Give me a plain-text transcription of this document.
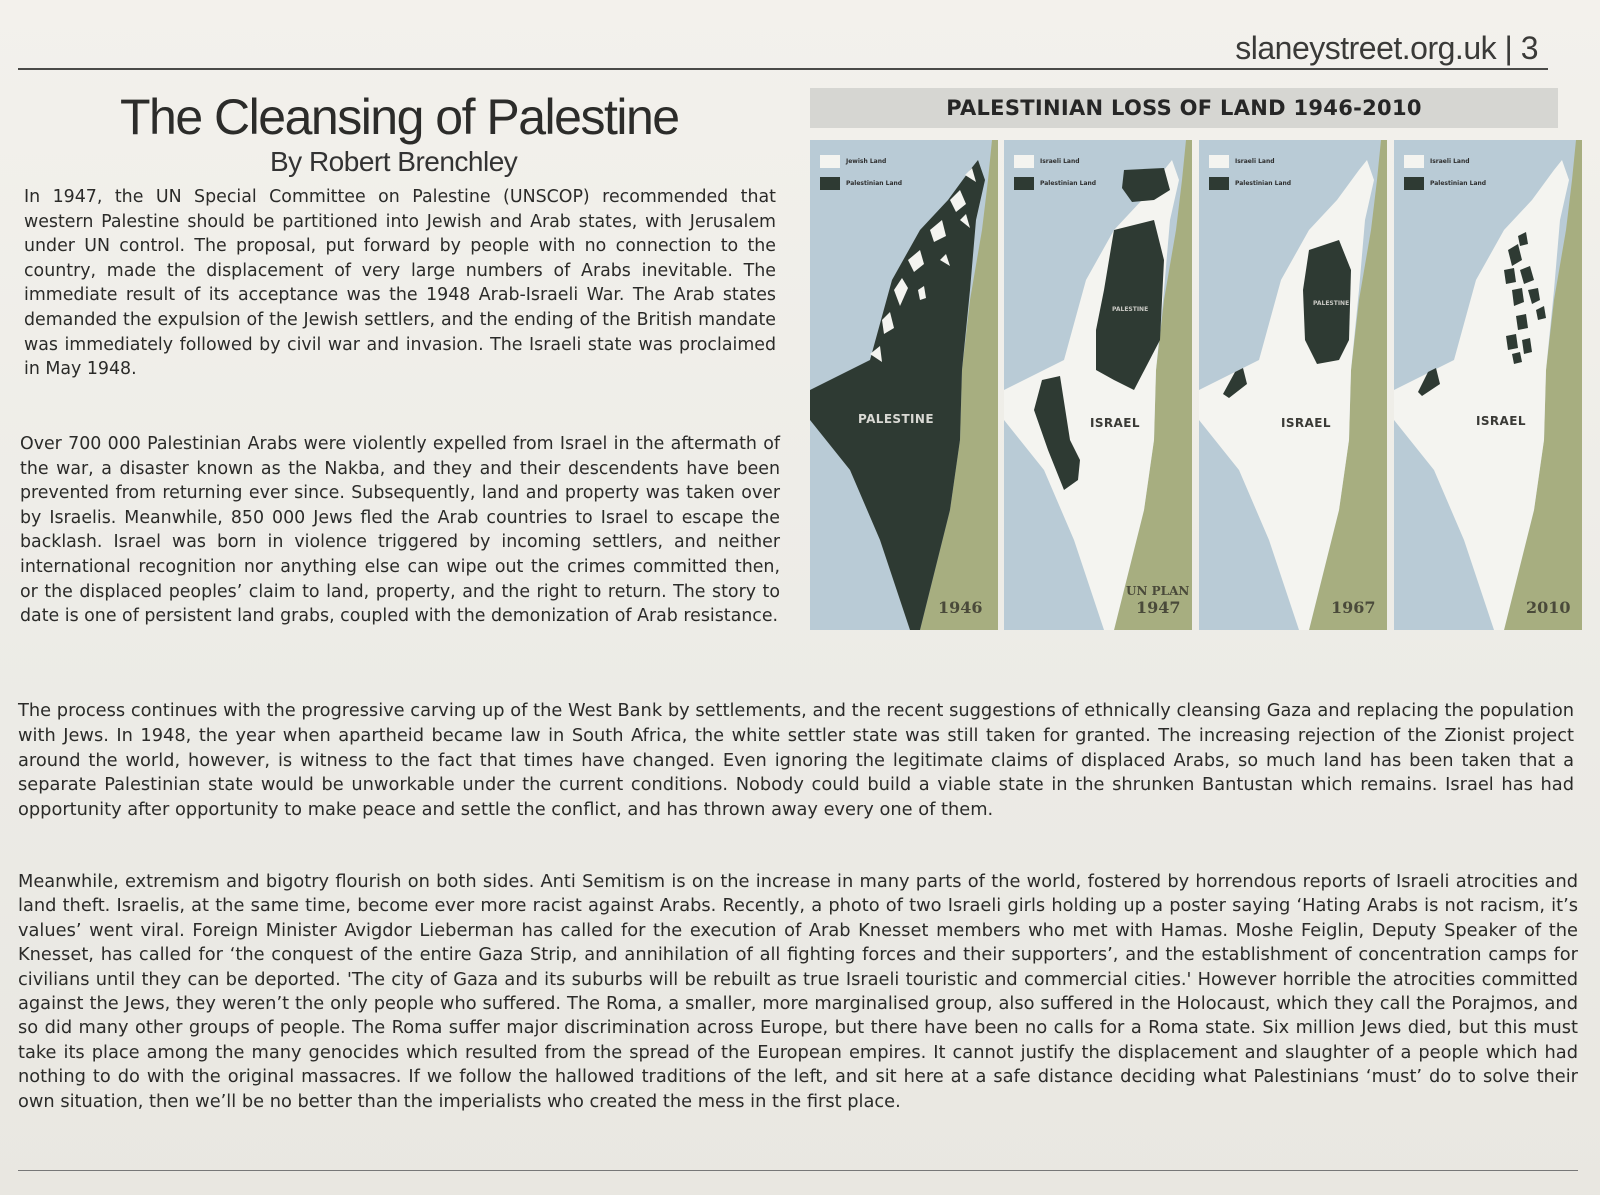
slaneystreet.org.uk | 3
The Cleansing of Palestine
By Robert Brenchley

In 1947, the UN Special Committee on Palestine (UNSCOP) recommended that western Palestine should be partitioned into Jewish and Arab states, with Jerusalem under UN control. The proposal, put forward by people with no connection to the country, made the displacement of very large numbers of Arabs inevitable. The immediate result of its acceptance was the 1948 Arab-Israeli War. The Arab states demanded the expulsion of the Jewish settlers, and the ending of the British mandate was immediately followed by civil war and invasion. The Israeli state was proclaimed in May 1948.

Over 700 000 Palestinian Arabs were violently expelled from Israel in the aftermath of the war, a disaster known as the Nakba, and they and their descendents have been prevented from returning ever since. Subsequently, land and property was taken over by Israelis. Meanwhile, 850 000 Jews fled the Arab countries to Israel to escape the backlash. Israel was born in violence triggered by incoming settlers, and neither international recognition nor anything else can wipe out the crimes committed then, or the displaced peoples’ claim to land, property, and the right to return. The story to date is one of persistent land grabs, coupled with the demonization of Arab resistance.

PALESTINIAN LOSS OF LAND 1946-2010
Jewish Land
Palestinian Land
PALESTINE
1946
Israeli Land
Palestinian Land
PALESTINE
ISRAEL
UN PLAN
1947
Israeli Land
Palestinian Land
PALESTINE
ISRAEL
1967
Israeli Land
Palestinian Land
ISRAEL
2010

The process continues with the progressive carving up of the West Bank by settlements, and the recent suggestions of ethnically cleansing Gaza and replacing the population with Jews. In 1948, the year when apartheid became law in South Africa, the white settler state was still taken for granted. The increasing rejection of the Zionist project around the world, however, is witness to the fact that times have changed. Even ignoring the legitimate claims of displaced Arabs, so much land has been taken that a separate Palestinian state would be unworkable under the current conditions. Nobody could build a viable state in the shrunken Bantustan which remains. Israel has had opportunity after opportunity to make peace and settle the conflict, and has thrown away every one of them.

Meanwhile, extremism and bigotry flourish on both sides. Anti Semitism is on the increase in many parts of the world, fostered by horrendous reports of Israeli atrocities and land theft. Israelis, at the same time, become ever more racist against Arabs. Recently, a photo of two Israeli girls holding up a poster saying ‘Hating Arabs is not racism, it’s values’ went viral. Foreign Minister Avigdor Lieberman has called for the execution of Arab Knesset members who met with Hamas. Moshe Feiglin, Deputy Speaker of the Knesset, has called for ‘the conquest of the entire Gaza Strip, and annihilation of all fighting forces and their supporters’, and the establishment of concentration camps for civilians until they can be deported. 'The city of Gaza and its suburbs will be rebuilt as true Israeli touristic and commercial cities.' However horrible the atrocities committed against the Jews, they weren’t the only people who suffered. The Roma, a smaller, more marginalised group, also suffered in the Holocaust, which they call the Porajmos, and so did many other groups of people. The Roma suffer major discrimination across Europe, but there have been no calls for a Roma state. Six million Jews died, but this must take its place among the many genocides which resulted from the spread of the European empires. It cannot justify the displacement and slaughter of a people which had nothing to do with the original massacres. If we follow the hallowed traditions of the left, and sit here at a safe distance deciding what Palestinians ‘must’ do to solve their own situation, then we’ll be no better than the imperialists who created the mess in the first place.
